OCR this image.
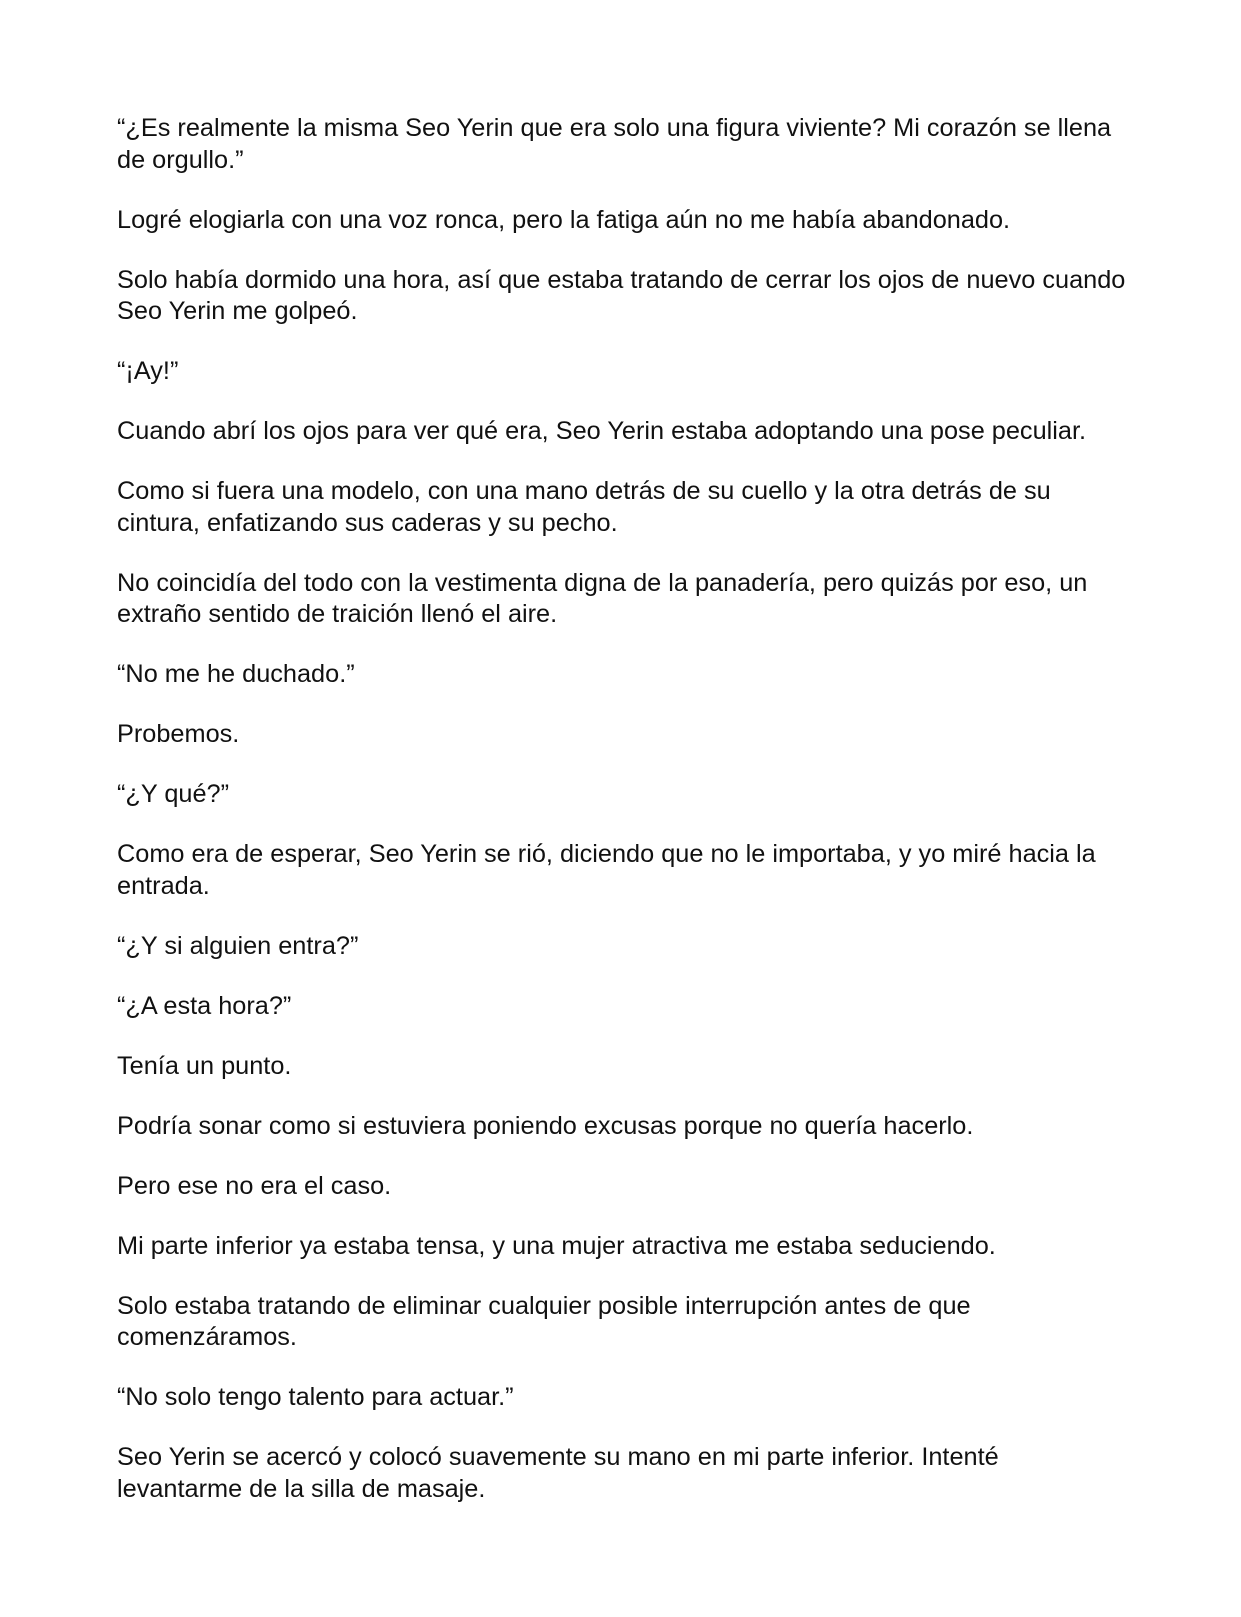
“¿Es realmente la misma Seo Yerin que era solo una figura viviente? Mi corazón se llena de orgullo.”

Logré elogiarla con una voz ronca, pero la fatiga aún no me había abandonado.

Solo había dormido una hora, así que estaba tratando de cerrar los ojos de nuevo cuando Seo Yerin me golpeó.

“¡Ay!”

Cuando abrí los ojos para ver qué era, Seo Yerin estaba adoptando una pose peculiar.

Como si fuera una modelo, con una mano detrás de su cuello y la otra detrás de su cintura, enfatizando sus caderas y su pecho.

No coincidía del todo con la vestimenta digna de la panadería, pero quizás por eso, un extraño sentido de traición llenó el aire.

“No me he duchado.”

Probemos.

“¿Y qué?”

Como era de esperar, Seo Yerin se rió, diciendo que no le importaba, y yo miré hacia la entrada.

“¿Y si alguien entra?”

“¿A esta hora?”

Tenía un punto.

Podría sonar como si estuviera poniendo excusas porque no quería hacerlo.

Pero ese no era el caso.

Mi parte inferior ya estaba tensa, y una mujer atractiva me estaba seduciendo.

Solo estaba tratando de eliminar cualquier posible interrupción antes de que comenzáramos.

“No solo tengo talento para actuar.”

Seo Yerin se acercó y colocó suavemente su mano en mi parte inferior. Intenté levantarme de la silla de masaje.
